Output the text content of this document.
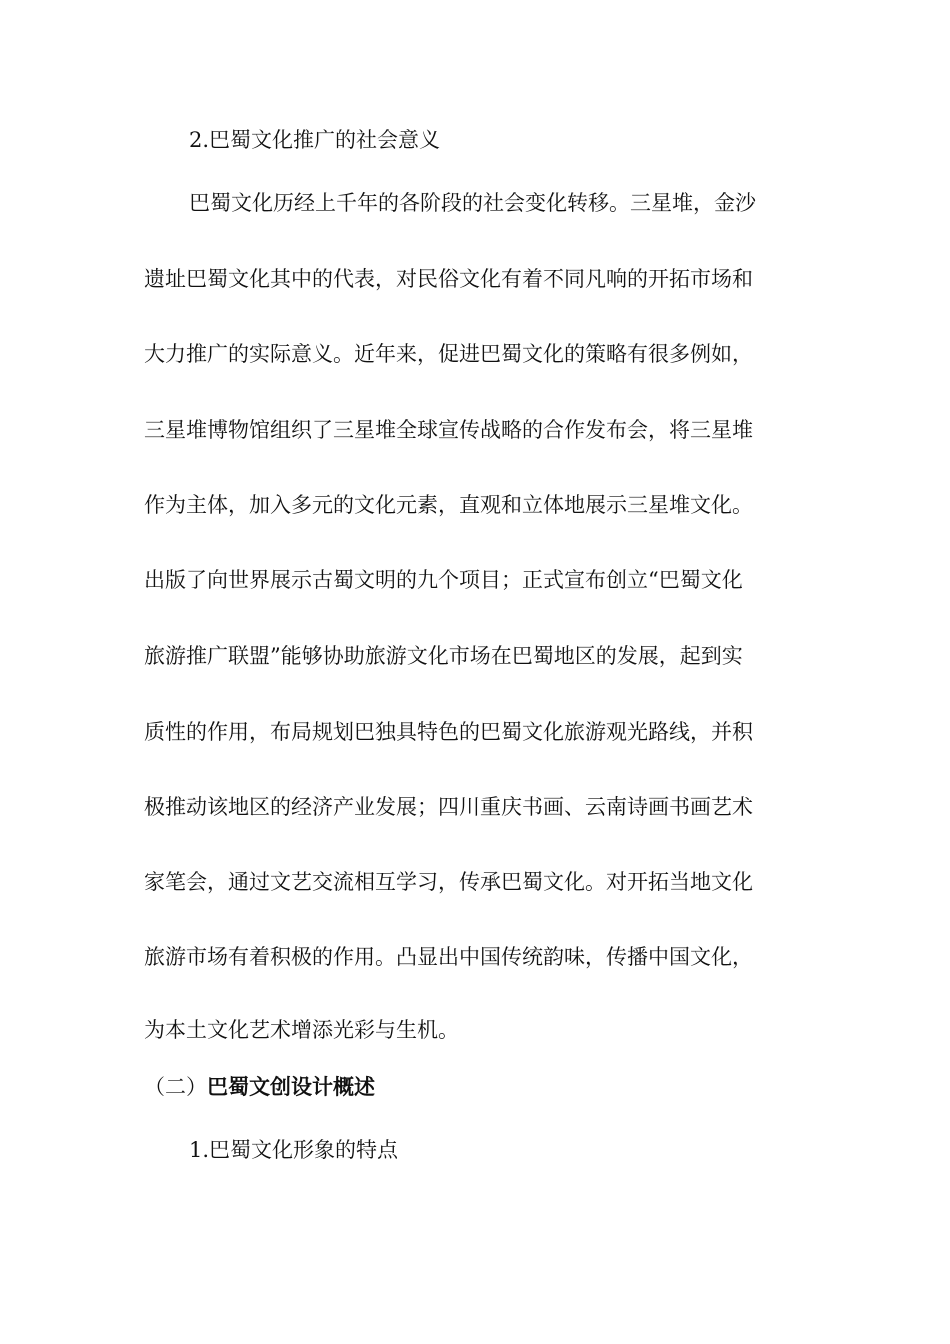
2.巴蜀文化推广的社会意义
巴蜀文化历经上千年的各阶段的社会变化转移。三星堆，金沙
遗址巴蜀文化其中的代表，对民俗文化有着不同凡响的开拓市场和
大力推广的实际意义。近年来，促进巴蜀文化的策略有很多例如，
三星堆博物馆组织了三星堆全球宣传战略的合作发布会，将三星堆
作为主体，加入多元的文化元素，直观和立体地展示三星堆文化。
出版了向世界展示古蜀文明的九个项目；正式宣布创立“巴蜀文化
旅游推广联盟”能够协助旅游文化市场在巴蜀地区的发展，起到实
质性的作用，布局规划巴独具特色的巴蜀文化旅游观光路线，并积
极推动该地区的经济产业发展；四川重庆书画、云南诗画书画艺术
家笔会，通过文艺交流相互学习，传承巴蜀文化。对开拓当地文化
旅游市场有着积极的作用。凸显出中国传统韵味，传播中国文化，
为本土文化艺术增添光彩与生机。
（二）巴蜀文创设计概述
1.巴蜀文化形象的特点
